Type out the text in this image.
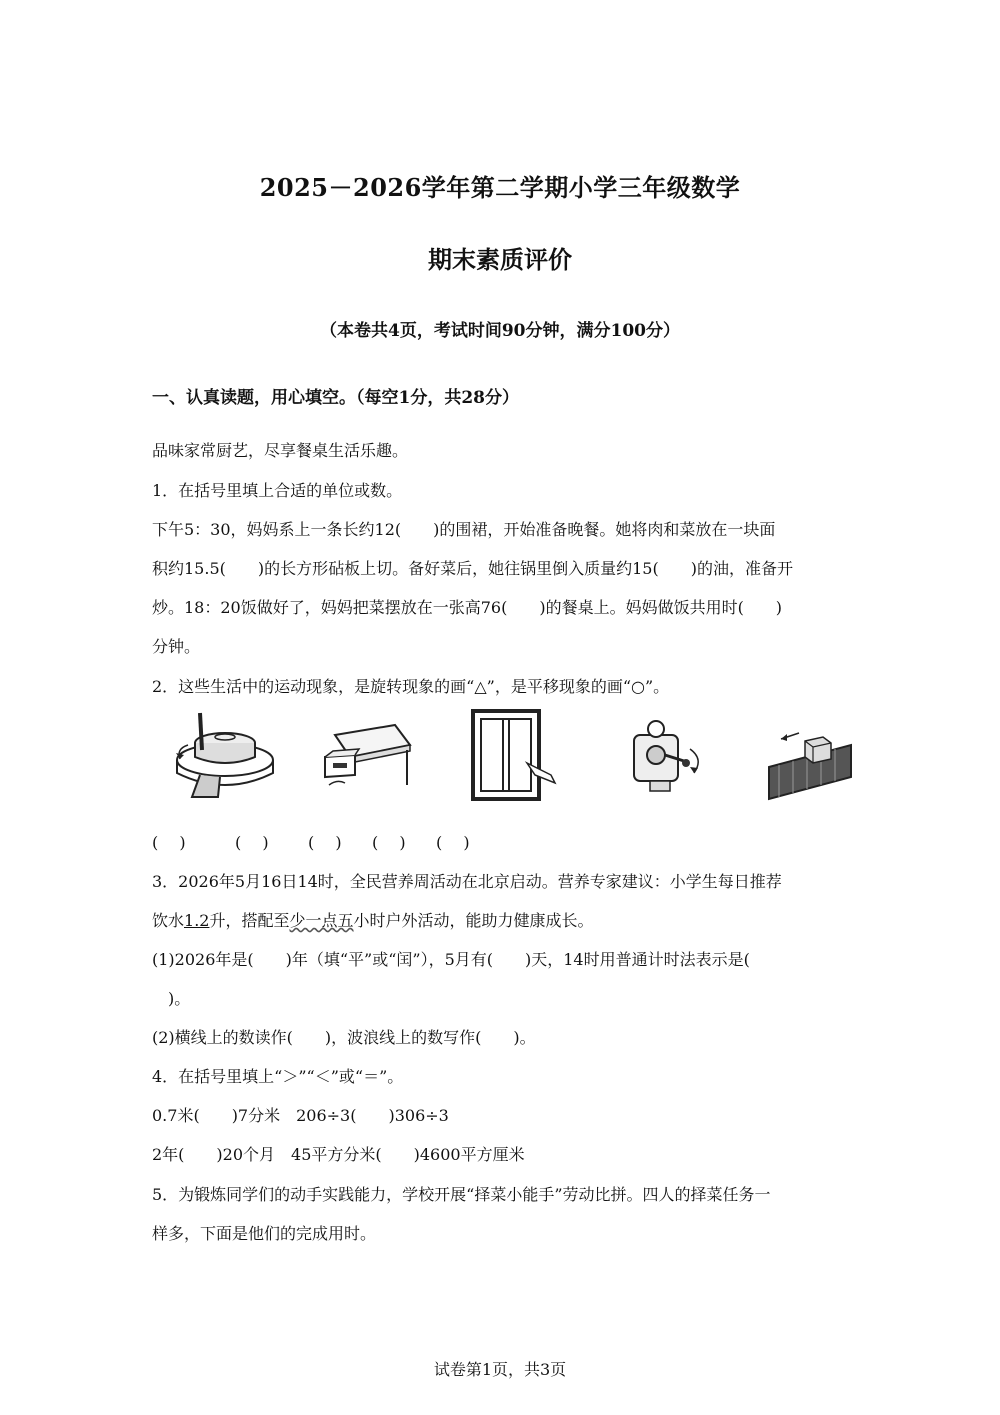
2025－2026学年第二学期小学三年级数学
期末素质评价
（本卷共4页，考试时间90分钟，满分100分）
一、认真读题，用心填空。（每空1分，共28分）
品味家常厨艺，尽享餐桌生活乐趣。
1．在括号里填上合适的单位或数。
下午5：30，妈妈系上一条长约12(　　)的围裙，开始准备晚餐。她将肉和菜放在一块面
积约15.5(　　)的长方形砧板上切。备好菜后，她往锅里倒入质量约15(　　)的油，准备开
炒。18：20饭做好了，妈妈把菜摆放在一张高76(　　)的餐桌上。妈妈做饭共用时(　　)
分钟。
2．这些生活中的运动现象，是旋转现象的画“△”，是平移现象的画“○”。
(　 )	(　 ) (　 ) (　 ) (　 )
3．2026年5月16日14时，全民营养周活动在北京启动。营养专家建议：小学生每日推荐
饮水1.2升，搭配至少一点五小时户外活动，能助力健康成长。
(1)2026年是(　　)年（填“平”或“闰”），5月有(　　)天，14时用普通计时法表示是(
　)。
(2)横线上的数读作(　　)，波浪线上的数写作(　　)。
4．在括号里填上“＞”“＜”或“＝”。
0.7米(　　)7分米　206÷3(　　)306÷3
2年(　　)20个月　45平方分米(　　)4600平方厘米
5．为锻炼同学们的动手实践能力，学校开展“择菜小能手”劳动比拼。四人的择菜任务一
样多，下面是他们的完成用时。
试卷第1页，共3页
